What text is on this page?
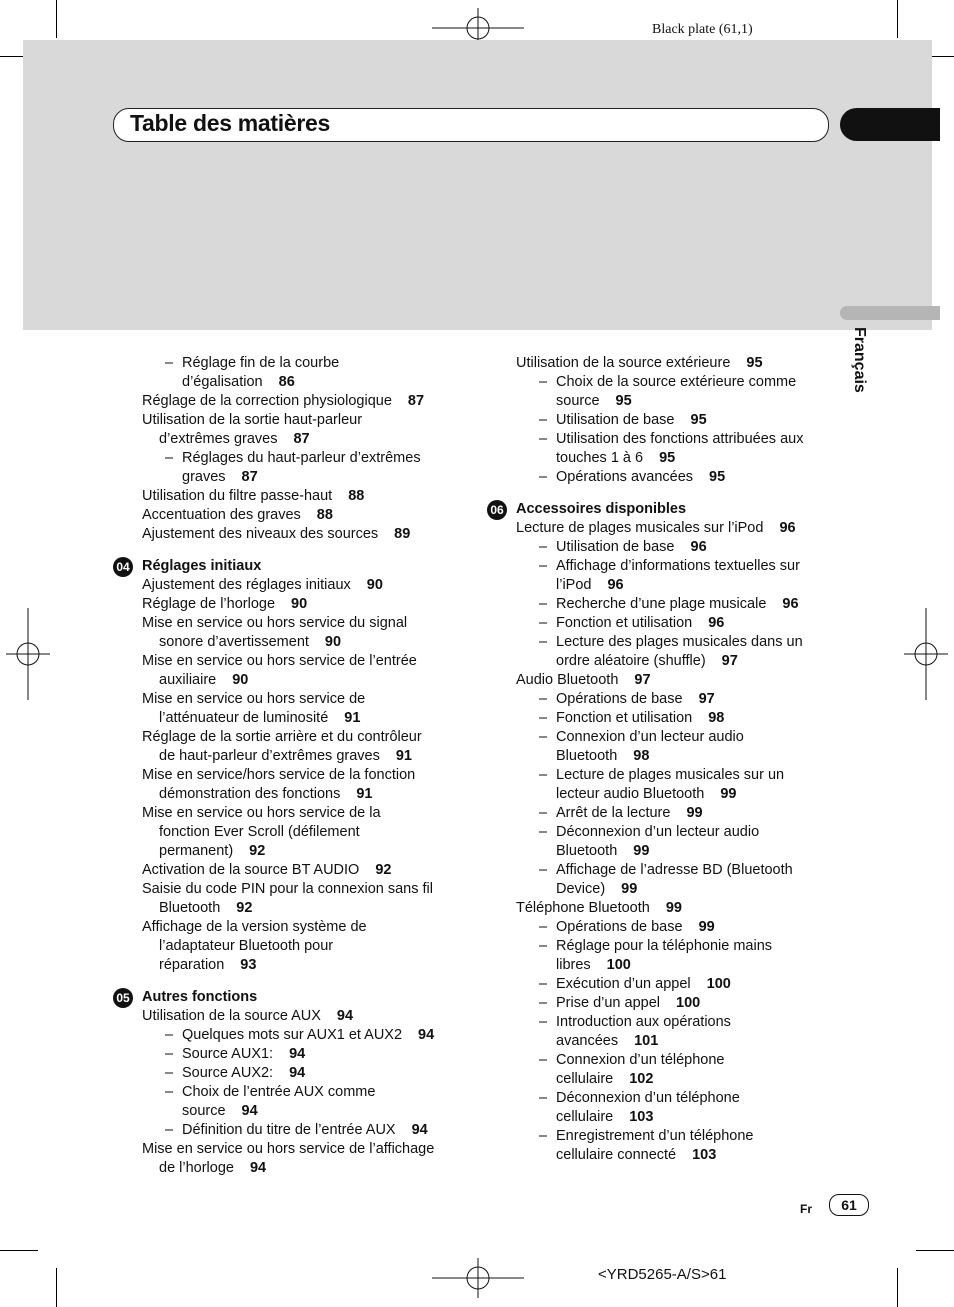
Black plate (61,1)
Table des matières
Français
– Réglage fin de la courbe
d’égalisation 86
Réglage de la correction physiologique 87
Utilisation de la sortie haut-parleur
d’extrêmes graves 87
– Réglages du haut-parleur d’extrêmes
graves 87
Utilisation du filtre passe-haut 88
Accentuation des graves 88
Ajustement des niveaux des sources 89
04 Réglages initiaux
Ajustement des réglages initiaux 90
Réglage de l’horloge 90
Mise en service ou hors service du signal
sonore d’avertissement 90
Mise en service ou hors service de l’entrée
auxiliaire 90
Mise en service ou hors service de
l’atténuateur de luminosité 91
Réglage de la sortie arrière et du contrôleur
de haut-parleur d’extrêmes graves 91
Mise en service/hors service de la fonction
démonstration des fonctions 91
Mise en service ou hors service de la
fonction Ever Scroll (défilement
permanent) 92
Activation de la source BT AUDIO 92
Saisie du code PIN pour la connexion sans fil
Bluetooth 92
Affichage de la version système de
l’adaptateur Bluetooth pour
réparation 93
05 Autres fonctions
Utilisation de la source AUX 94
– Quelques mots sur AUX1 et AUX2 94
– Source AUX1: 94
– Source AUX2: 94
– Choix de l’entrée AUX comme
source 94
– Définition du titre de l’entrée AUX 94
Mise en service ou hors service de l’affichage
de l’horloge 94
Utilisation de la source extérieure 95
– Choix de la source extérieure comme
source 95
– Utilisation de base 95
– Utilisation des fonctions attribuées aux
touches 1 à 6 95
– Opérations avancées 95
06 Accessoires disponibles
Lecture de plages musicales sur l’iPod 96
– Utilisation de base 96
– Affichage d’informations textuelles sur
l’iPod 96
– Recherche d’une plage musicale 96
– Fonction et utilisation 96
– Lecture des plages musicales dans un
ordre aléatoire (shuffle) 97
Audio Bluetooth 97
– Opérations de base 97
– Fonction et utilisation 98
– Connexion d’un lecteur audio
Bluetooth 98
– Lecture de plages musicales sur un
lecteur audio Bluetooth 99
– Arrêt de la lecture 99
– Déconnexion d’un lecteur audio
Bluetooth 99
– Affichage de l’adresse BD (Bluetooth
Device) 99
Téléphone Bluetooth 99
– Opérations de base 99
– Réglage pour la téléphonie mains
libres 100
– Exécution d’un appel 100
– Prise d’un appel 100
– Introduction aux opérations
avancées 101
– Connexion d’un téléphone
cellulaire 102
– Déconnexion d’un téléphone
cellulaire 103
– Enregistrement d’un téléphone
cellulaire connecté 103
Fr	61
<YRD5265-A/S>61
